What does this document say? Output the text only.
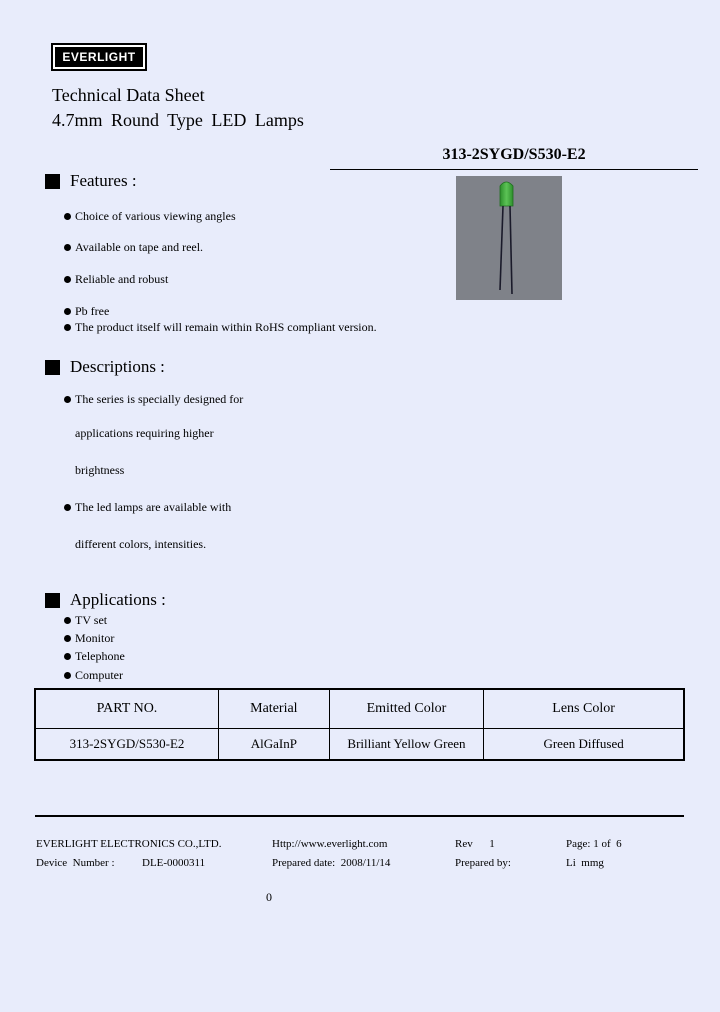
EVERLIGHT
Technical Data Sheet
4.7mm Round Type LED Lamps
313-2SYGD/S530-E2
Features :
Choice of various viewing angles
Available on tape and reel.
Reliable and robust
Pb free
The product itself will remain within RoHS compliant version.
Descriptions :
The series is specially designed for
applications requiring higher
brightness
The led lamps are available with
different colors, intensities.
Applications :
TV set
Monitor
Telephone
Computer
PART NO.	Material	Emitted Color	Lens Color
313-2SYGD/S530-E2	AlGaInP	Brilliant Yellow Green	Green Diffused
EVERLIGHT ELECTRONICS CO.,LTD.	Http://www.everlight.com	Rev      1	Page: 1 of  6
Device  Number :          DLE-0000311	Prepared date:  2008/11/14	Prepared by:	Li  mmg
0
